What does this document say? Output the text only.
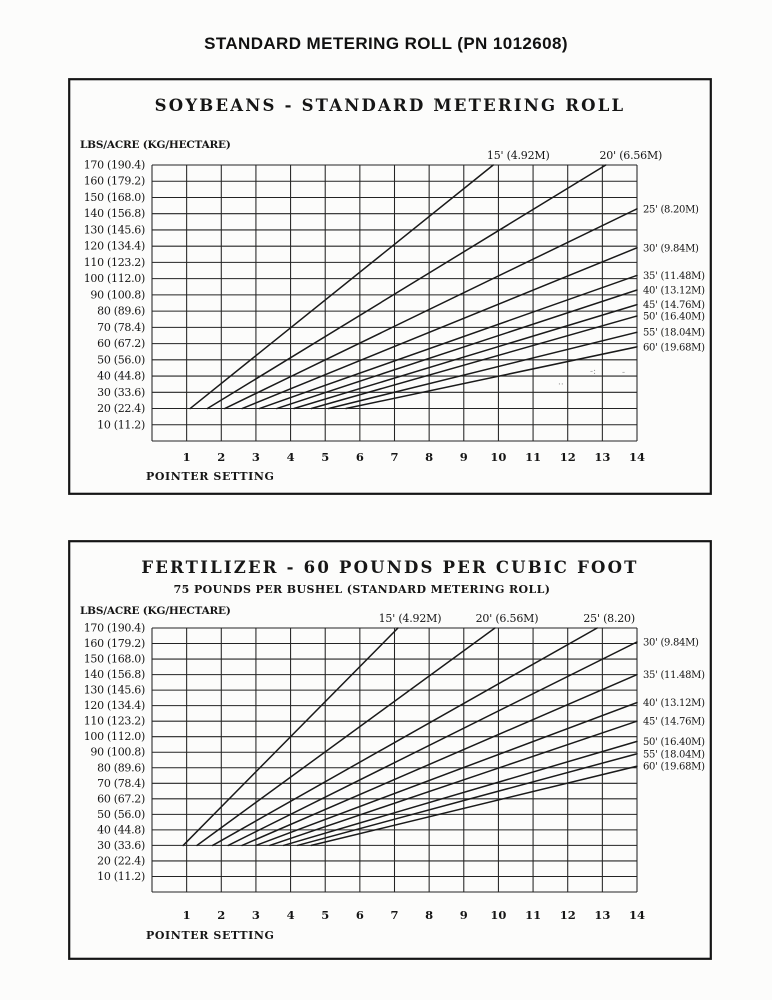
STANDARD METERING ROLL (PN 1012608)
SOYBEANS - STANDARD METERING ROLL
LBS/ACRE (KG/HECTARE)
170 (190.4)
160 (179.2)
150 (168.0)
140 (156.8)
130 (145.6)
120 (134.4)
110 (123.2)
100 (112.0)
90 (100.8)
80 (89.6)
70 (78.4)
60 (67.2)
50 (56.0)
40 (44.8)
30 (33.6)
20 (22.4)
10 (11.2)
1 2 3 4 5 6 7 8 9 10 11 12 13 14
POINTER SETTING
15' (4.92M)	20' (6.56M)
25' (8.20M)
30' (9.84M)
35' (11.48M)
40' (13.12M)
45' (14.76M)
50' (16.40M)
55' (18.04M)
60' (19.68M)
-:	-
··
FERTILIZER - 60 POUNDS PER CUBIC FOOT
75 POUNDS PER BUSHEL (STANDARD METERING ROLL)
LBS/ACRE (KG/HECTARE)
170 (190.4)
160 (179.2)
150 (168.0)
140 (156.8)
130 (145.6)
120 (134.4)
110 (123.2)
100 (112.0)
90 (100.8)
80 (89.6)
70 (78.4)
60 (67.2)
50 (56.0)
40 (44.8)
30 (33.6)
20 (22.4)
10 (11.2)
1 2 3 4 5 6 7 8 9 10 11 12 13 14
POINTER SETTING
15' (4.92M)	20' (6.56M)	25' (8.20)
30' (9.84M)
35' (11.48M)
40' (13.12M)
45' (14.76M)
50' (16.40M)
55' (18.04M)
60' (19.68M)
